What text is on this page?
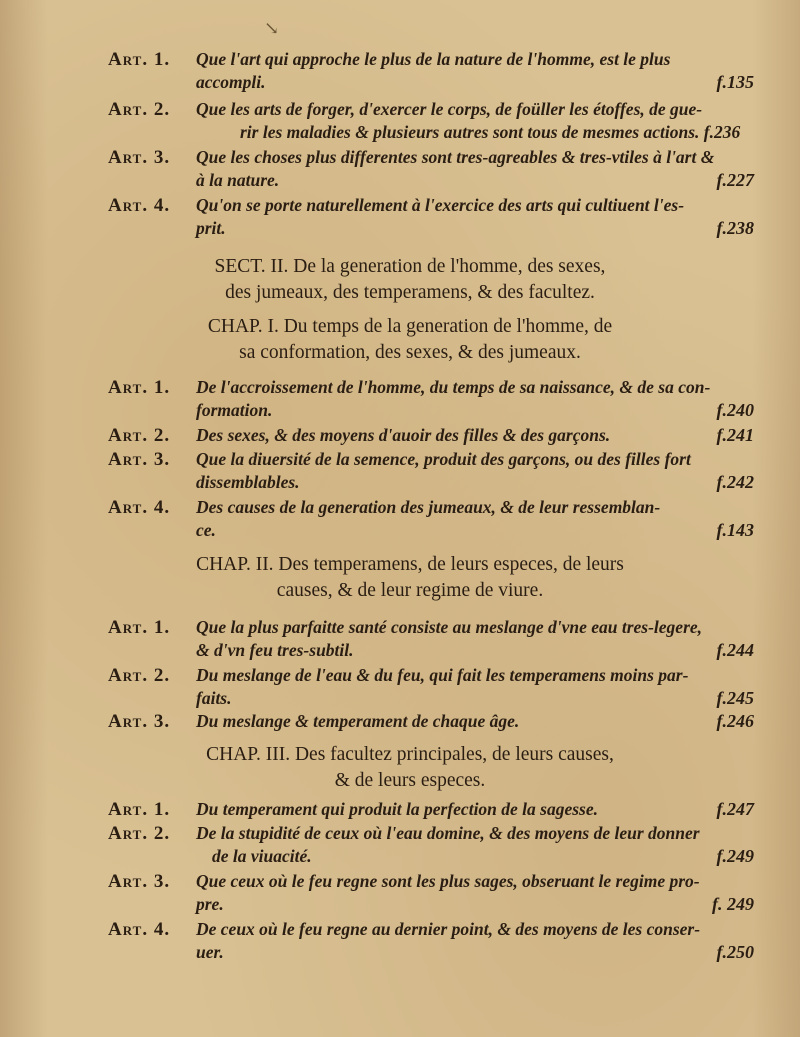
↘
Art. 1. Que l'art qui approche le plus de la nature de l'homme, est le plus
accompli.	f.135
Art. 2. Que les arts de forger, d'exercer le corps, de foüller les étoffes, de gue-
rir les maladies & plusieurs autres sont tous de mesmes actions. f.236
Art. 3. Que les choses plus differentes sont tres-agreables & tres-vtiles à l'art &
à la nature.	f.227
Art. 4. Qu'on se porte naturellement à l'exercice des arts qui cultiuent l'es-
prit.	f.238
SECT. II. De la generation de l'homme, des sexes,
des jumeaux, des temperamens, & des facultez.
CHAP. I. Du temps de la generation de l'homme, de
sa conformation, des sexes, & des jumeaux.
Art. 1. De l'accroissement de l'homme, du temps de sa naissance, & de sa con-
formation.	f.240
Art. 2. Des sexes, & des moyens d'auoir des filles & des garçons.	f.241
Art. 3. Que la diuersité de la semence, produit des garçons, ou des filles fort
dissemblables.	f.242
Art. 4. Des causes de la generation des jumeaux, & de leur ressemblan-
ce.	f.143
CHAP. II. Des temperamens, de leurs especes, de leurs
causes, & de leur regime de viure.
Art. 1. Que la plus parfaitte santé consiste au meslange d'vne eau tres-legere,
& d'vn feu tres-subtil.	f.244
Art. 2. Du meslange de l'eau & du feu, qui fait les temperamens moins par-
faits.	f.245
Art. 3. Du meslange & temperament de chaque âge.	f.246
CHAP. III. Des facultez principales, de leurs causes,
& de leurs especes.
Art. 1. Du temperament qui produit la perfection de la sagesse.	f.247
Art. 2. De la stupidité de ceux où l'eau domine, & des moyens de leur donner
de la viuacité.	f.249
Art. 3. Que ceux où le feu regne sont les plus sages, obseruant le regime pro-
pre.	f. 249
Art. 4. De ceux où le feu regne au dernier point, & des moyens de les conser-
uer.	f.250
